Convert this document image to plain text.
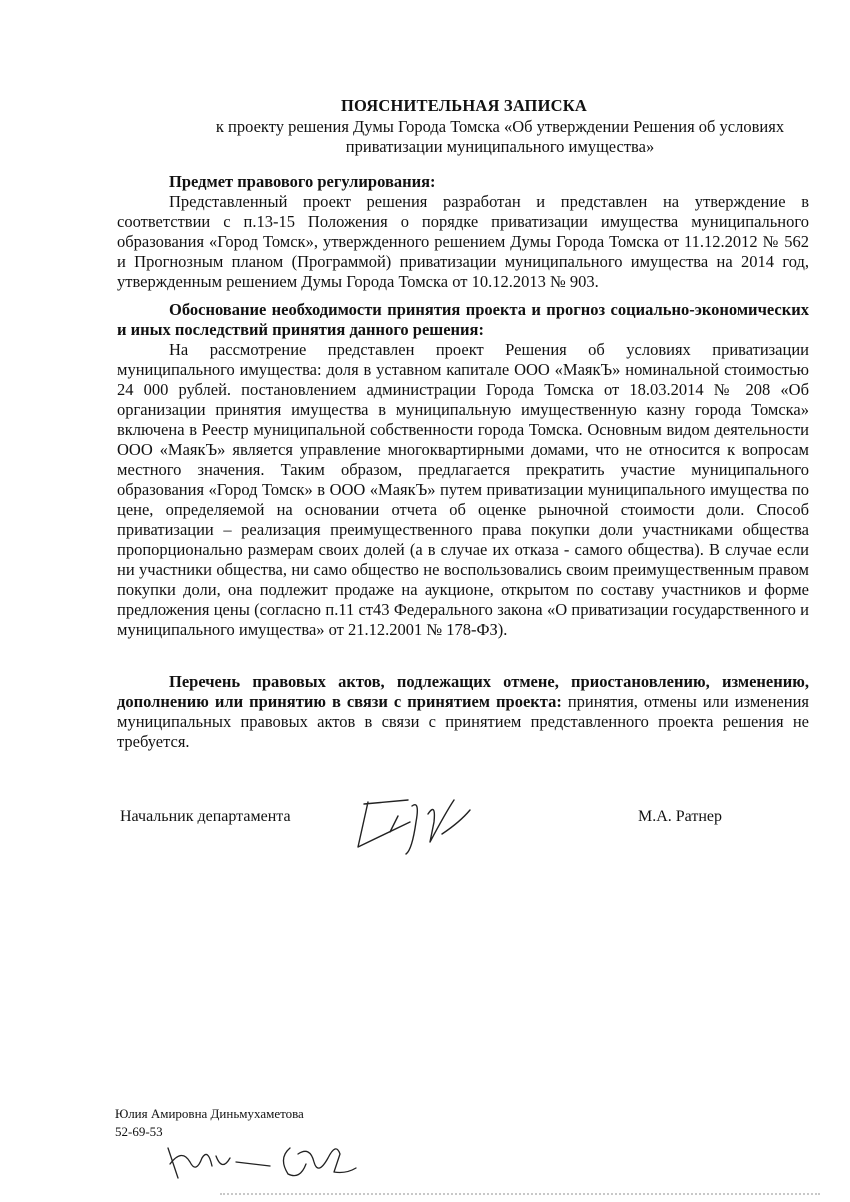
ПОЯСНИТЕЛЬНАЯ ЗАПИСКА
к проекту решения Думы Города Томска «Об утверждении Решения об условиях
приватизации муниципального имущества»

Предмет правового регулирования:

Представленный проект решения разработан и представлен на утверждение в соответствии с п.13-15 Положения о порядке приватизации имущества муниципального образования «Город Томск», утвержденного решением Думы Города Томска от 11.12.2012 № 562 и Прогнозным планом (Программой) приватизации муниципального имущества на 2014 год, утвержденным решением Думы Города Томска от 10.12.2013 № 903.

Обоснование необходимости принятия проекта и прогноз социально-экономических и иных последствий принятия данного решения:

На рассмотрение представлен проект Решения об условиях приватизации муниципального имущества: доля в уставном капитале ООО «МаякЪ» номинальной стоимостью 24 000 рублей. постановлением администрации Города Томска от 18.03.2014 № 208 «Об организации принятия имущества в муниципальную имущественную казну города Томска» включена в Реестр муниципальной собственности города Томска. Основным видом деятельности ООО «МаякЪ» является управление многоквартирными домами, что не относится к вопросам местного значения. Таким образом, предлагается прекратить участие муниципального образования «Город Томск» в ООО «МаякЪ» путем приватизации муниципального имущества по цене, определяемой на основании отчета об оценке рыночной стоимости доли. Способ приватизации – реализация преимущественного права покупки доли участниками общества пропорционально размерам своих долей (а в случае их отказа - самого общества). В случае если ни участники общества, ни само общество не воспользовались своим преимущественным правом покупки доли, она подлежит продаже на аукционе, открытом по составу участников и форме предложения цены (согласно п.11 ст43 Федерального закона «О приватизации государственного и муниципального имущества» от 21.12.2001 № 178-ФЗ).

Перечень правовых актов, подлежащих отмене, приостановлению, изменению, дополнению или принятию в связи с принятием проекта: принятия, отмены или изменения муниципальных правовых актов в связи с принятием представленного проекта решения не требуется.

Начальник департамента	М.А. Ратнер
Юлия Амировна Диньмухаметова
52-69-53
